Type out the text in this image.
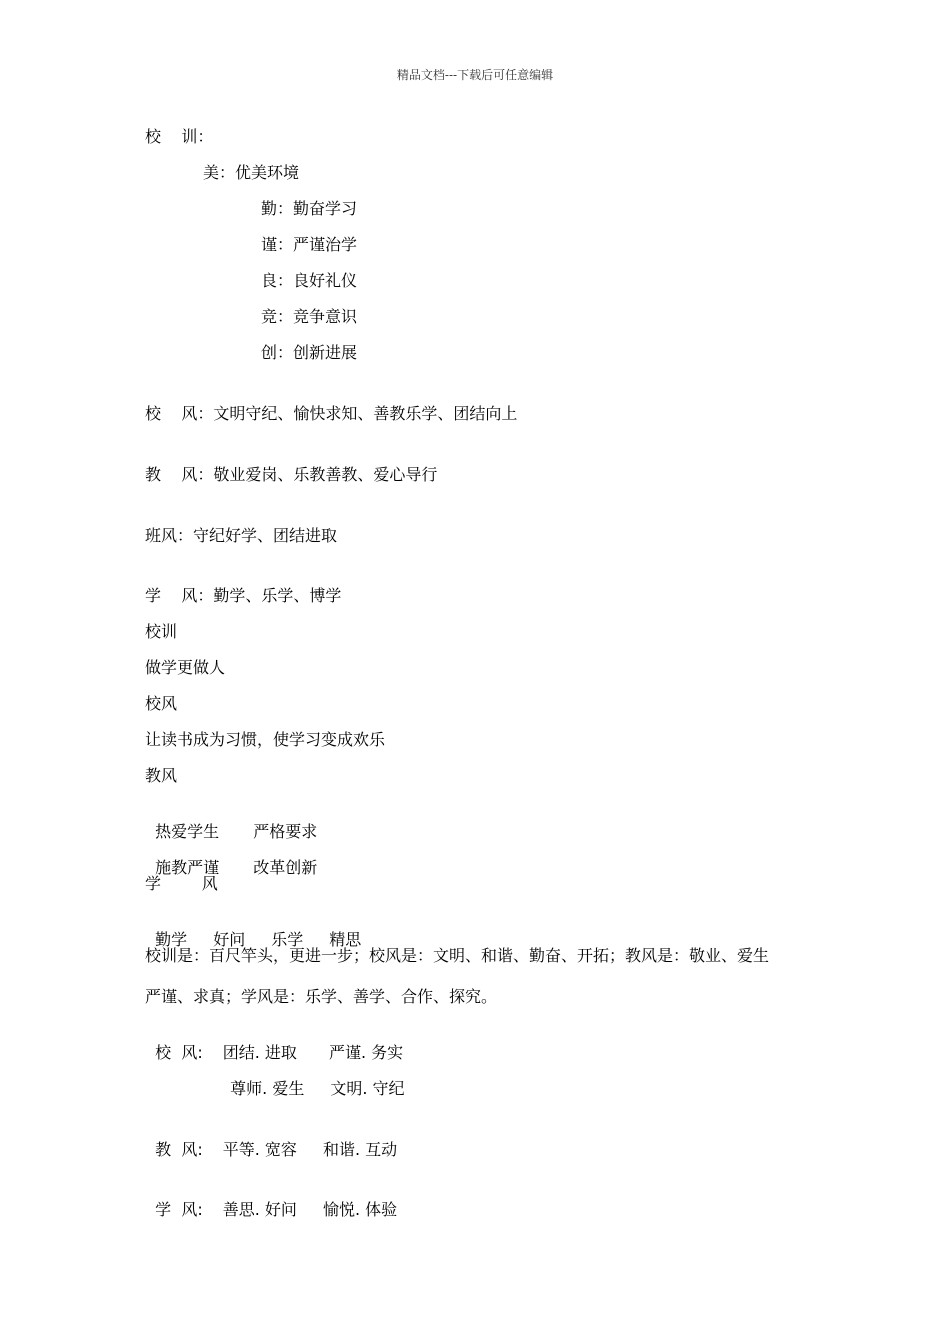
精品文档---下载后可任意编辑
校    训：
美：优美环境
勤：勤奋学习
谨：严谨治学
良：良好礼仪
竞：竞争意识
创：创新进展
校    风：文明守纪、愉快求知、善教乐学、团结向上
教    风：敬业爱岗、乐教善教、爱心导行
班风：守纪好学、团结进取
学    风：勤学、乐学、博学
校训
做学更做人
校风
让读书成为习惯，使学习变成欢乐
教风

热爱学生 严格要求

施教严谨 改革创新

学        风

勤学 好问 乐学 精思

校训是：百尺竿头，更进一步；校风是：文明、和谐、勤奋、开拓；教风是：敬业、爱生
严谨、求真；学风是：乐学、善学、合作、探究。

校  风: 团结. 进取 严谨. 务实

尊师. 爱生 文明. 守纪

教  风: 平等. 宽容 和谐. 互动

学  风: 善思. 好问 愉悦. 体验
